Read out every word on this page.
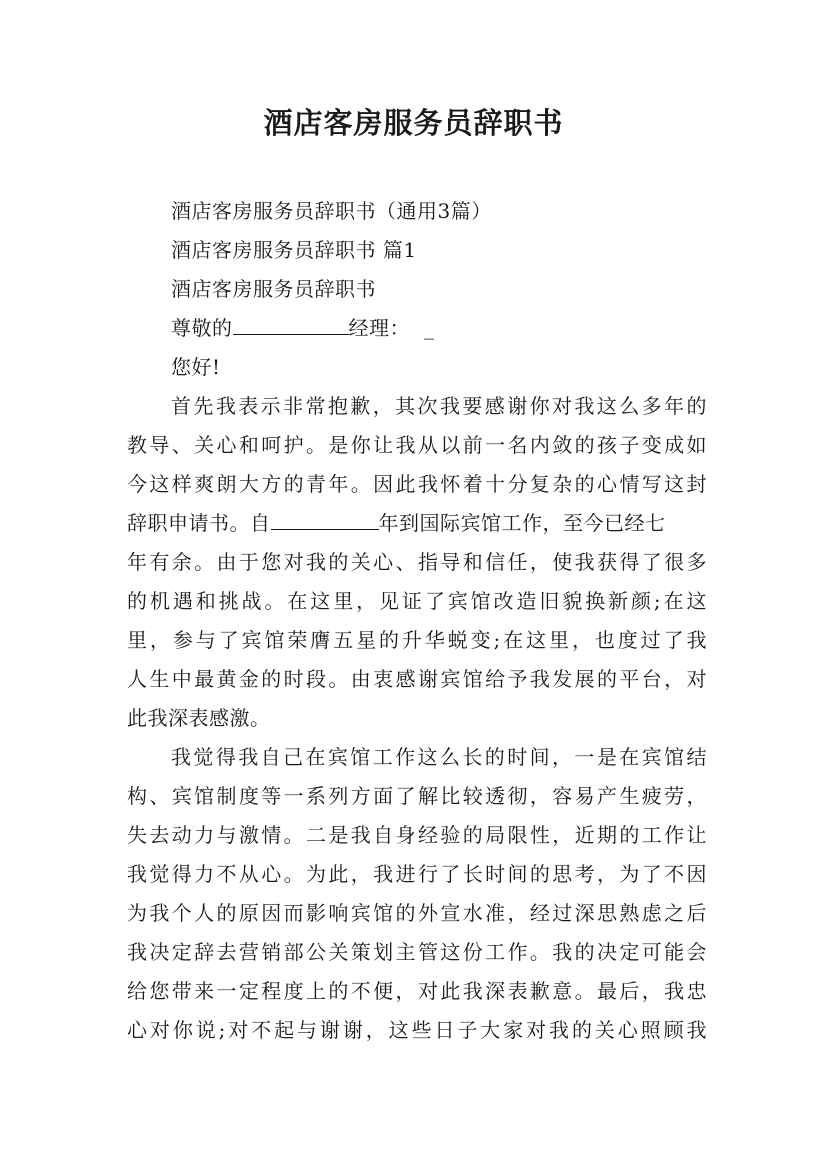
酒店客房服务员辞职书
酒店客房服务员辞职书（通用3篇）
酒店客房服务员辞职书 篇1
酒店客房服务员辞职书
尊敬的	经理： _
您好!
首先我表示非常抱歉，其次我要感谢你对我这么多年的
教导、关心和呵护。是你让我从以前一名内敛的孩子变成如
今这样爽朗大方的青年。因此我怀着十分复杂的心情写这封
辞职申请书。自	年到国际宾馆工作，至今已经七
年有余。由于您对我的关心、指导和信任，使我获得了很多
的机遇和挑战。在这里，见证了宾馆改造旧貌换新颜;在这
里，参与了宾馆荣膺五星的升华蜕变;在这里，也度过了我
人生中最黄金的时段。由衷感谢宾馆给予我发展的平台，对
此我深表感激。
我觉得我自己在宾馆工作这么长的时间，一是在宾馆结
构、宾馆制度等一系列方面了解比较透彻，容易产生疲劳，
失去动力与激情。二是我自身经验的局限性，近期的工作让
我觉得力不从心。为此，我进行了长时间的思考，为了不因
为我个人的原因而影响宾馆的外宣水准，经过深思熟虑之后
我决定辞去营销部公关策划主管这份工作。我的决定可能会
给您带来一定程度上的不便，对此我深表歉意。最后，我忠
心对你说;对不起与谢谢，这些日子大家对我的关心照顾我
